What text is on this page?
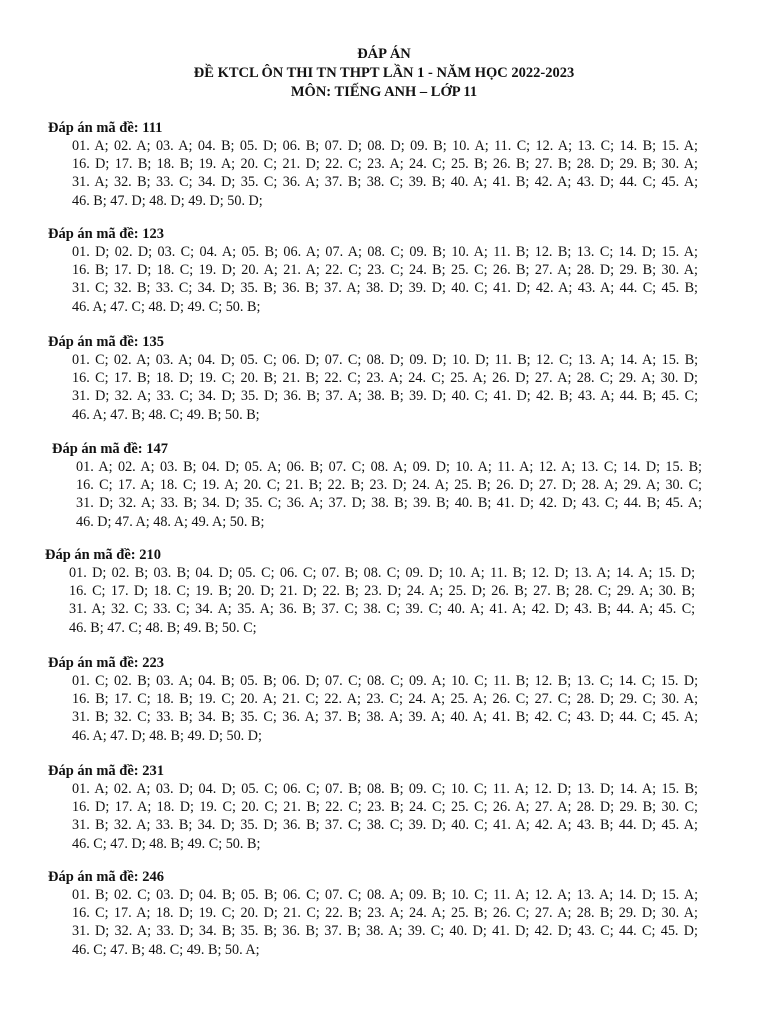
ĐÁP ÁN
ĐỀ KTCL ÔN THI TN THPT LẦN 1 - NĂM HỌC 2022-2023
MÔN: TIẾNG ANH – LỚP 11
Đáp án mã đề: 111
01. A; 02. A; 03. A; 04. B; 05. D; 06. B; 07. D; 08. D; 09. B; 10. A; 11. C; 12. A; 13. C; 14. B; 15. A;
16. D; 17. B; 18. B; 19. A; 20. C; 21. D; 22. C; 23. A; 24. C; 25. B; 26. B; 27. B; 28. D; 29. B; 30. A;
31. A; 32. B; 33. C; 34. D; 35. C; 36. A; 37. B; 38. C; 39. B; 40. A; 41. B; 42. A; 43. D; 44. C; 45. A;
46. B; 47. D; 48. D; 49. D; 50. D;
Đáp án mã đề: 123
01. D; 02. D; 03. C; 04. A; 05. B; 06. A; 07. A; 08. C; 09. B; 10. A; 11. B; 12. B; 13. C; 14. D; 15. A;
16. B; 17. D; 18. C; 19. D; 20. A; 21. A; 22. C; 23. C; 24. B; 25. C; 26. B; 27. A; 28. D; 29. B; 30. A;
31. C; 32. B; 33. C; 34. D; 35. B; 36. B; 37. A; 38. D; 39. D; 40. C; 41. D; 42. A; 43. A; 44. C; 45. B;
46. A; 47. C; 48. D; 49. C; 50. B;
Đáp án mã đề: 135
01. C; 02. A; 03. A; 04. D; 05. C; 06. D; 07. C; 08. D; 09. D; 10. D; 11. B; 12. C; 13. A; 14. A; 15. B;
16. C; 17. B; 18. D; 19. C; 20. B; 21. B; 22. C; 23. A; 24. C; 25. A; 26. D; 27. A; 28. C; 29. A; 30. D;
31. D; 32. A; 33. C; 34. D; 35. D; 36. B; 37. A; 38. B; 39. D; 40. C; 41. D; 42. B; 43. A; 44. B; 45. C;
46. A; 47. B; 48. C; 49. B; 50. B;
Đáp án mã đề: 147
01. A; 02. A; 03. B; 04. D; 05. A; 06. B; 07. C; 08. A; 09. D; 10. A; 11. A; 12. A; 13. C; 14. D; 15. B;
16. C; 17. A; 18. C; 19. A; 20. C; 21. B; 22. B; 23. D; 24. A; 25. B; 26. D; 27. D; 28. A; 29. A; 30. C;
31. D; 32. A; 33. B; 34. D; 35. C; 36. A; 37. D; 38. B; 39. B; 40. B; 41. D; 42. D; 43. C; 44. B; 45. A;
46. D; 47. A; 48. A; 49. A; 50. B;
Đáp án mã đề: 210
01. D; 02. B; 03. B; 04. D; 05. C; 06. C; 07. B; 08. C; 09. D; 10. A; 11. B; 12. D; 13. A; 14. A; 15. D;
16. C; 17. D; 18. C; 19. B; 20. D; 21. D; 22. B; 23. D; 24. A; 25. D; 26. B; 27. B; 28. C; 29. A; 30. B;
31. A; 32. C; 33. C; 34. A; 35. A; 36. B; 37. C; 38. C; 39. C; 40. A; 41. A; 42. D; 43. B; 44. A; 45. C;
46. B; 47. C; 48. B; 49. B; 50. C;
Đáp án mã đề: 223
01. C; 02. B; 03. A; 04. B; 05. B; 06. D; 07. C; 08. C; 09. A; 10. C; 11. B; 12. B; 13. C; 14. C; 15. D;
16. B; 17. C; 18. B; 19. C; 20. A; 21. C; 22. A; 23. C; 24. A; 25. A; 26. C; 27. C; 28. D; 29. C; 30. A;
31. B; 32. C; 33. B; 34. B; 35. C; 36. A; 37. B; 38. A; 39. A; 40. A; 41. B; 42. C; 43. D; 44. C; 45. A;
46. A; 47. D; 48. B; 49. D; 50. D;
Đáp án mã đề: 231
01. A; 02. A; 03. D; 04. D; 05. C; 06. C; 07. B; 08. B; 09. C; 10. C; 11. A; 12. D; 13. D; 14. A; 15. B;
16. D; 17. A; 18. D; 19. C; 20. C; 21. B; 22. C; 23. B; 24. C; 25. C; 26. A; 27. A; 28. D; 29. B; 30. C;
31. B; 32. A; 33. B; 34. D; 35. D; 36. B; 37. C; 38. C; 39. D; 40. C; 41. A; 42. A; 43. B; 44. D; 45. A;
46. C; 47. D; 48. B; 49. C; 50. B;
Đáp án mã đề: 246
01. B; 02. C; 03. D; 04. B; 05. B; 06. C; 07. C; 08. A; 09. B; 10. C; 11. A; 12. A; 13. A; 14. D; 15. A;
16. C; 17. A; 18. D; 19. C; 20. D; 21. C; 22. B; 23. A; 24. A; 25. B; 26. C; 27. A; 28. B; 29. D; 30. A;
31. D; 32. A; 33. D; 34. B; 35. B; 36. B; 37. B; 38. A; 39. C; 40. D; 41. D; 42. D; 43. C; 44. C; 45. D;
46. C; 47. B; 48. C; 49. B; 50. A;
